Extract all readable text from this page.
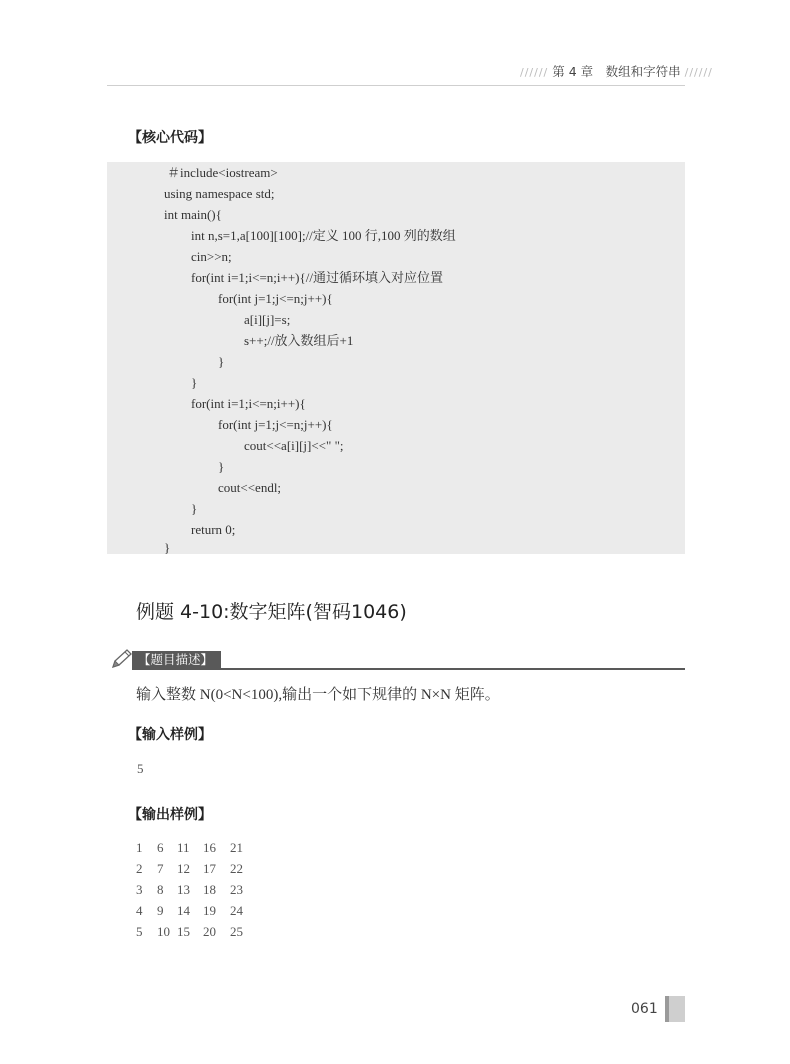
////// 第 4 章　数组和字符串 //////
【核心代码】
＃include<iostream>
using namespace std;
int main(){
int n,s=1,a[100][100];//定义 100 行,100 列的数组
cin>>n;
for(int i=1;i<=n;i++){//通过循环填入对应位置
for(int j=1;j<=n;j++){
a[i][j]=s;
s++;//放入数组后+1
}
}
for(int i=1;i<=n;i++){
for(int j=1;j<=n;j++){
cout<<a[i][j]<<" ";
}
cout<<endl;
}
return 0;
}
例题 4-10:数字矩阵(智码1046)
【题目描述】
输入整数 N(0<N<100),输出一个如下规律的 N×N 矩阵。
【输入样例】
5
【输出样例】
1 6 11 16 21
2 7 12 17 22
3 8 13 18 23
4 9 14 19 24
5 10 15 20 25
061
